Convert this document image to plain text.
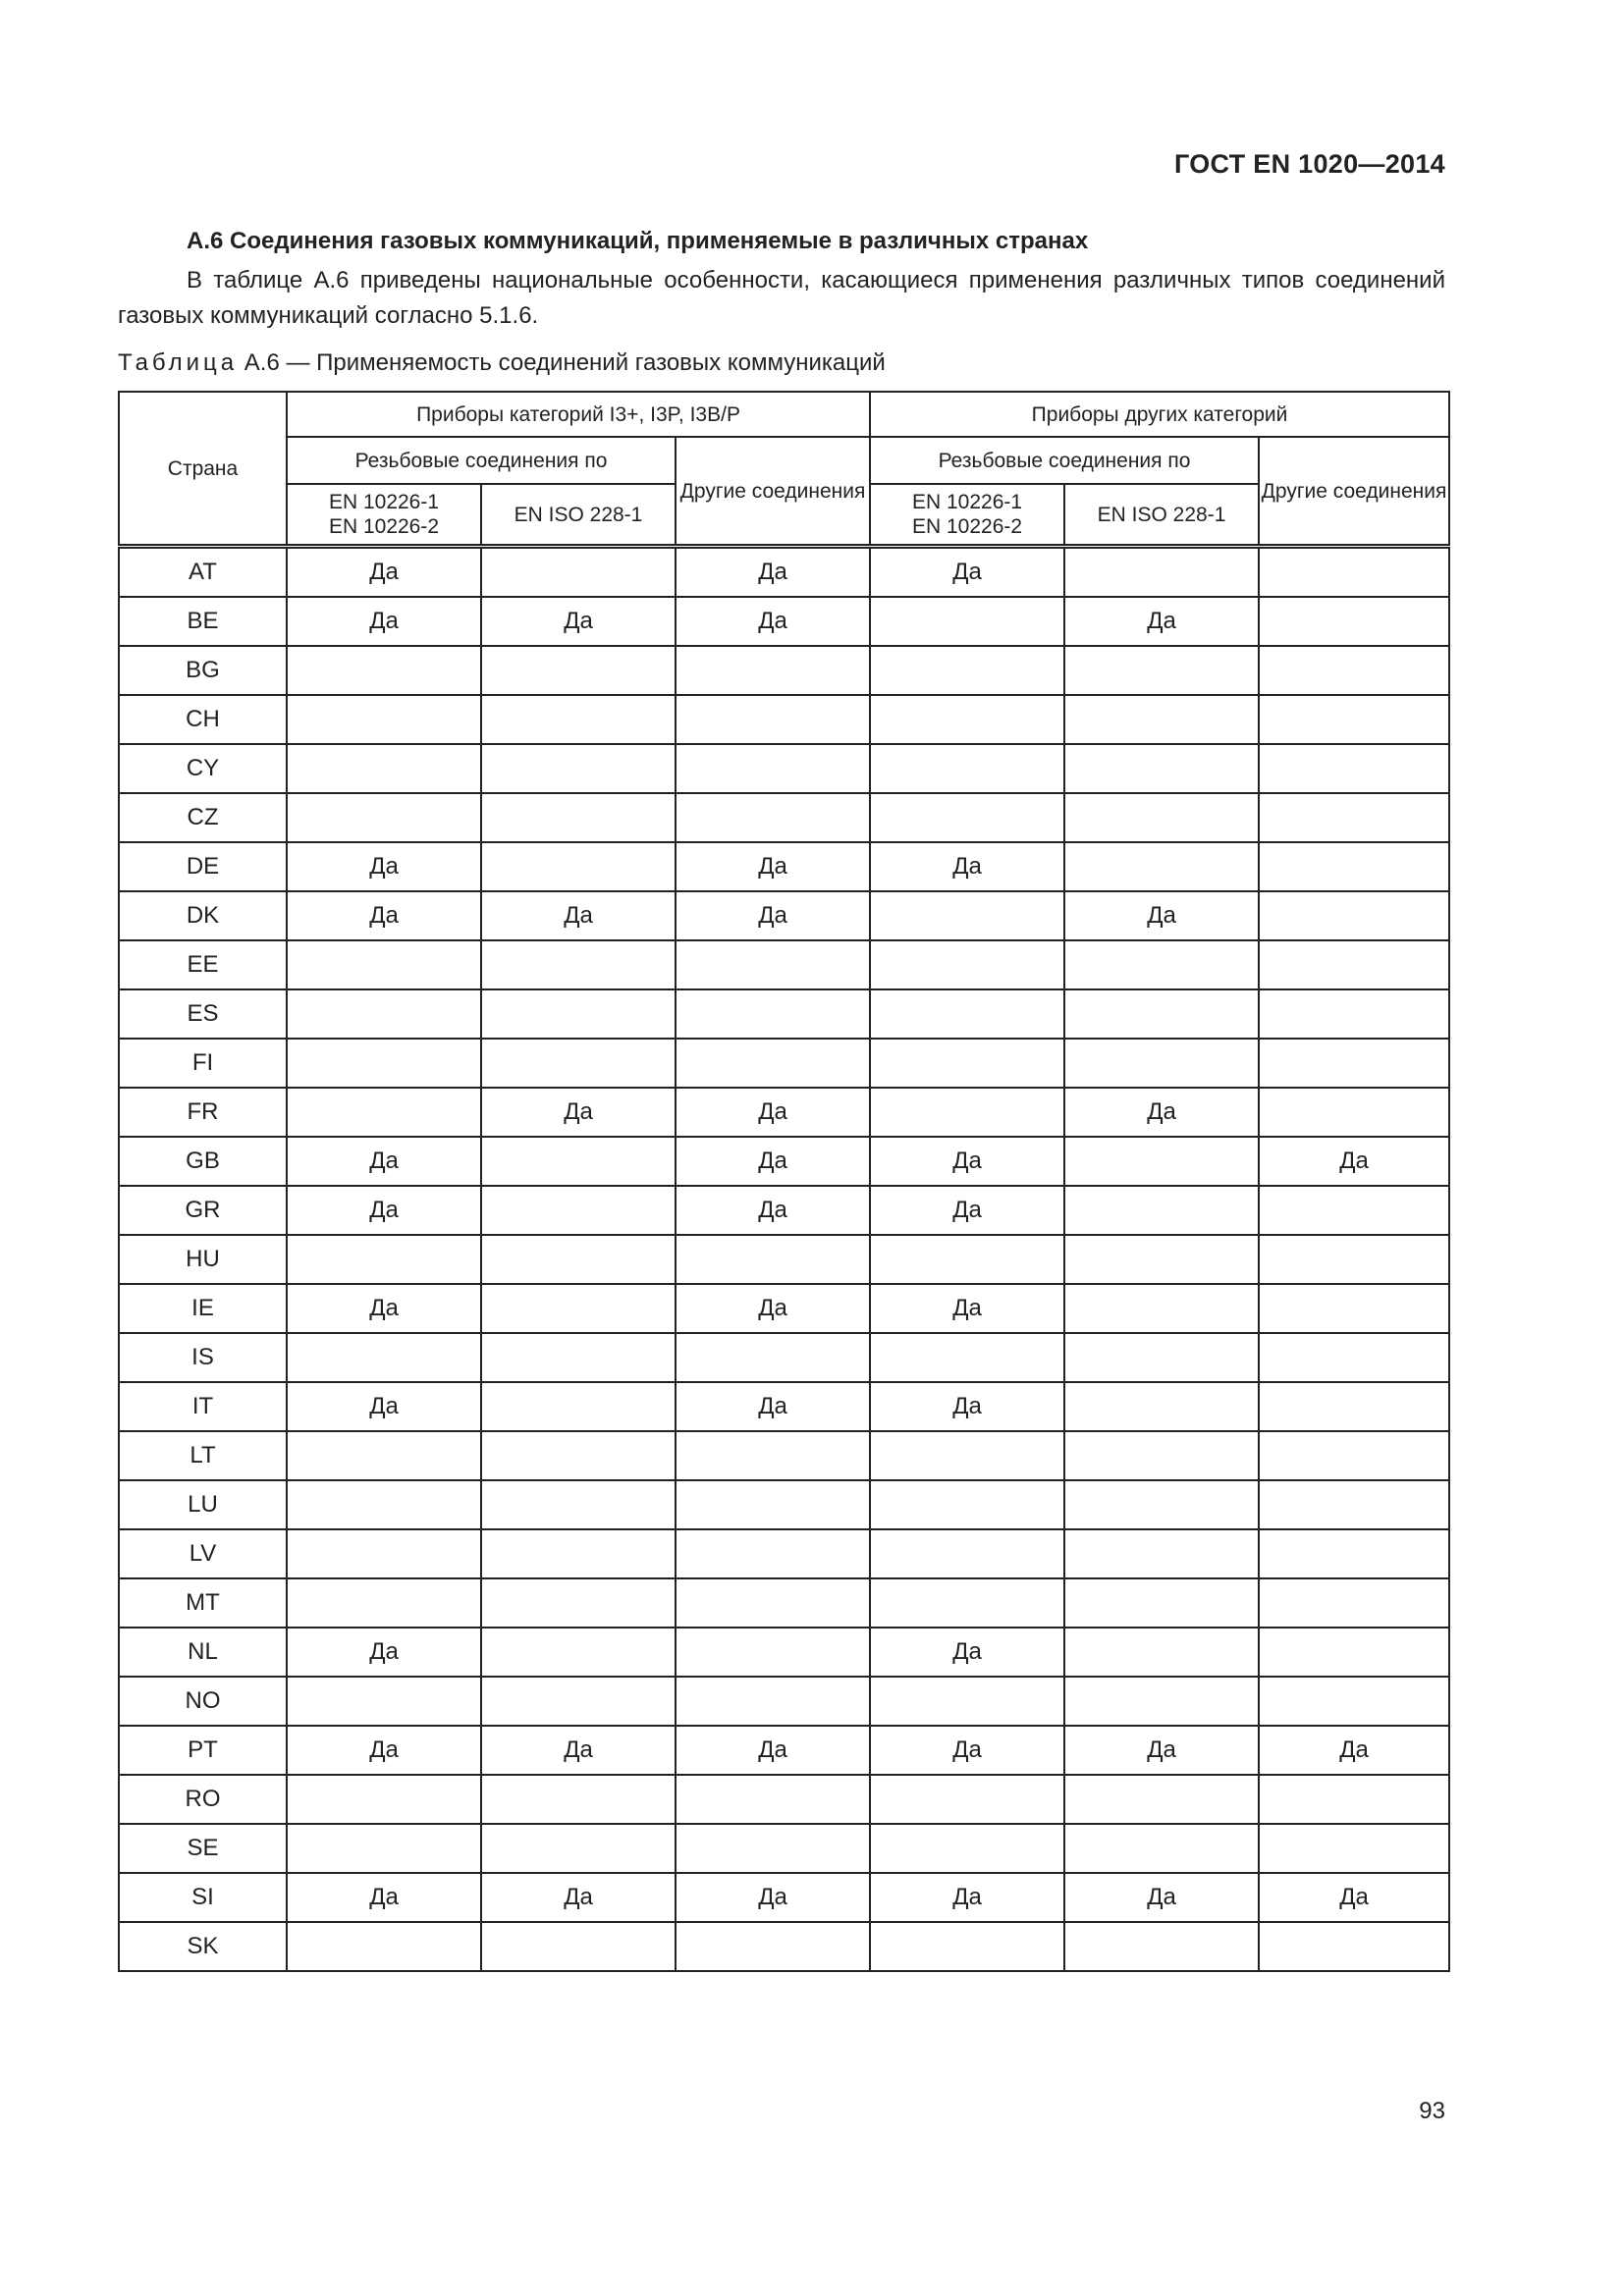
ГОСТ EN 1020—2014
А.6 Соединения газовых коммуникаций, применяемые в различных странах
В таблице А.6 приведены национальные особенности, касающиеся применения различных типов соединений газовых коммуникаций согласно 5.1.6.
Таблица А.6 — Применяемость соединений газовых коммуникаций
Страна	Приборы категорий I3+, I3P, I3B/P			Приборы других категорий		
	Резьбовые соединения по		Другие соединения	Резьбовые соединения по		Другие соединения
	EN 10226-1 EN 10226-2	EN ISO 228-1		EN 10226-1 EN 10226-2	EN ISO 228-1	
AT	Да		Да	Да		
BE	Да	Да	Да		Да	
BG						
CH						
CY						
CZ						
DE	Да		Да	Да		
DK	Да	Да	Да		Да	
EE						
ES						
FI						
FR		Да	Да		Да	
GB	Да		Да	Да		Да
GR	Да		Да	Да		
HU						
IE	Да		Да	Да		
IS						
IT	Да		Да	Да		
LT						
LU						
LV						
MT						
NL	Да			Да		
NO						
PT	Да	Да	Да	Да	Да	Да
RO						
SE						
SI	Да	Да	Да	Да	Да	Да
SK						
93
